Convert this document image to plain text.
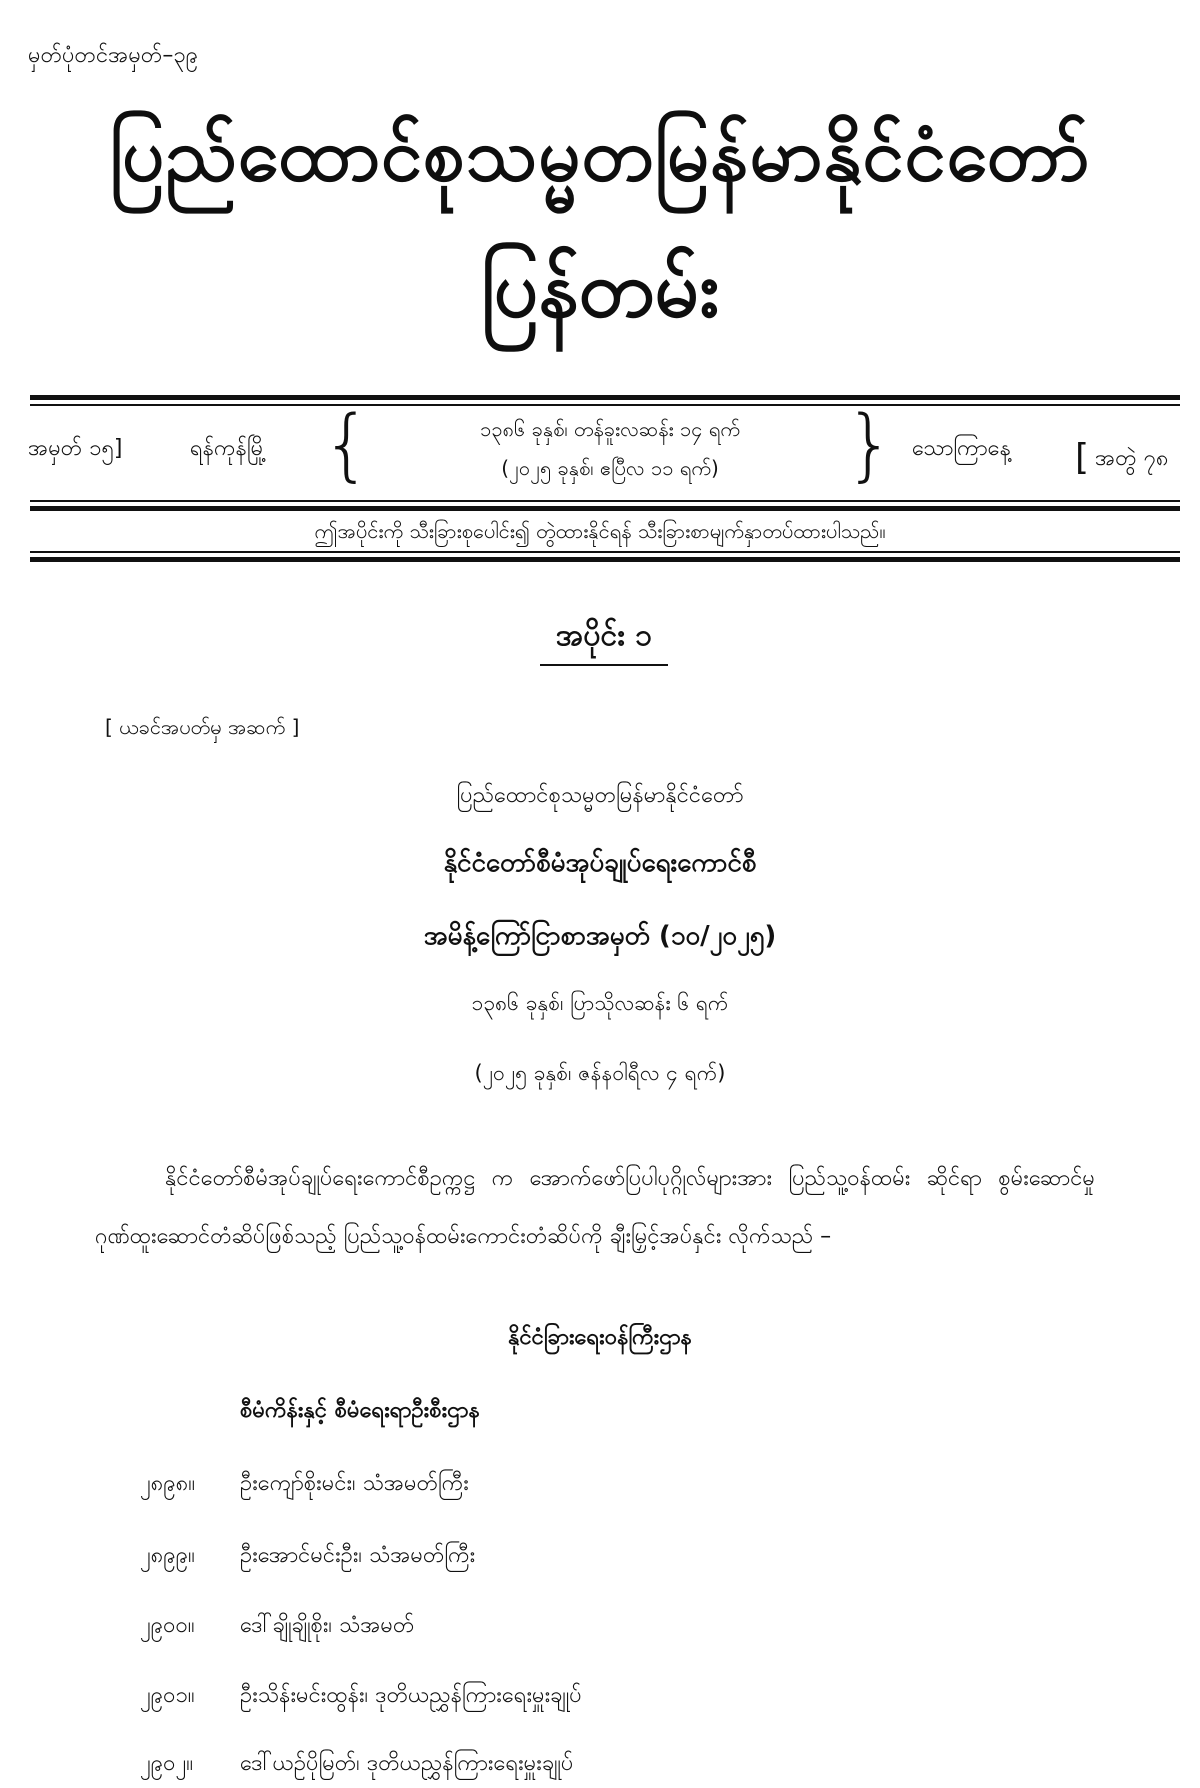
မှတ်ပုံတင်အမှတ်–၃၉
ပြည်ထောင်စုသမ္မတမြန်မာနိုင်ငံတော်
ပြန်တမ်း
အမှတ် ၁၅]	ရန်ကုန်မြို့ {	၁၃၈၆ ခုနှစ်၊ တန်ခူးလဆန်း ၁၄ ရက်
(၂၀၂၅ ခုနှစ်၊ ဧပြီလ ၁၁ ရက်)	} သောကြာနေ့ [ အတွဲ ၇၈
ဤအပိုင်းကို သီးခြားစုပေါင်း၍ တွဲထားနိုင်ရန် သီးခြားစာမျက်နှာတပ်ထားပါသည်။
အပိုင်း ၁
[ ယခင်အပတ်မှ အဆက် ]
ပြည်ထောင်စုသမ္မတမြန်မာနိုင်ငံတော်
နိုင်ငံတော်စီမံအုပ်ချုပ်ရေးကောင်စီ
အမိန့်ကြော်ငြာစာအမှတ် (၁၀/၂၀၂၅)
၁၃၈၆ ခုနှစ်၊ ပြာသိုလဆန်း ၆ ရက်
(၂၀၂၅ ခုနှစ်၊ ဇန်နဝါရီလ ၄ ရက်)
နိုင်ငံတော်စီမံအုပ်ချုပ်ရေးကောင်စီဥက္ကဋ္ဌ က အောက်ဖော်ပြပါပုဂ္ဂိုလ်များအား ပြည်သူ့ဝန်ထမ်း ဆိုင်ရာ စွမ်းဆောင်မှုဂုဏ်ထူးဆောင်တံဆိပ်ဖြစ်သည့် ပြည်သူ့ဝန်ထမ်းကောင်းတံဆိပ်ကို ချီးမြှင့်အပ်နှင်း လိုက်သည် –
နိုင်ငံခြားရေးဝန်ကြီးဌာန
စီမံကိန်းနှင့် စီမံရေးရာဦးစီးဌာန
၂၈၉၈။	ဦးကျော်စိုးမင်း၊ သံအမတ်ကြီး
၂၈၉၉။	ဦးအောင်မင်းဦး၊ သံအမတ်ကြီး
၂၉၀၀။	ဒေါ်ချိုချိုစိုး၊ သံအမတ်
၂၉၀၁။	ဦးသိန်းမင်းထွန်း၊ ဒုတိယညွှန်ကြားရေးမှူးချုပ်
၂၉၀၂။	ဒေါ်ယဉ်ပိုမြတ်၊ ဒုတိယညွှန်ကြားရေးမှူးချုပ်
